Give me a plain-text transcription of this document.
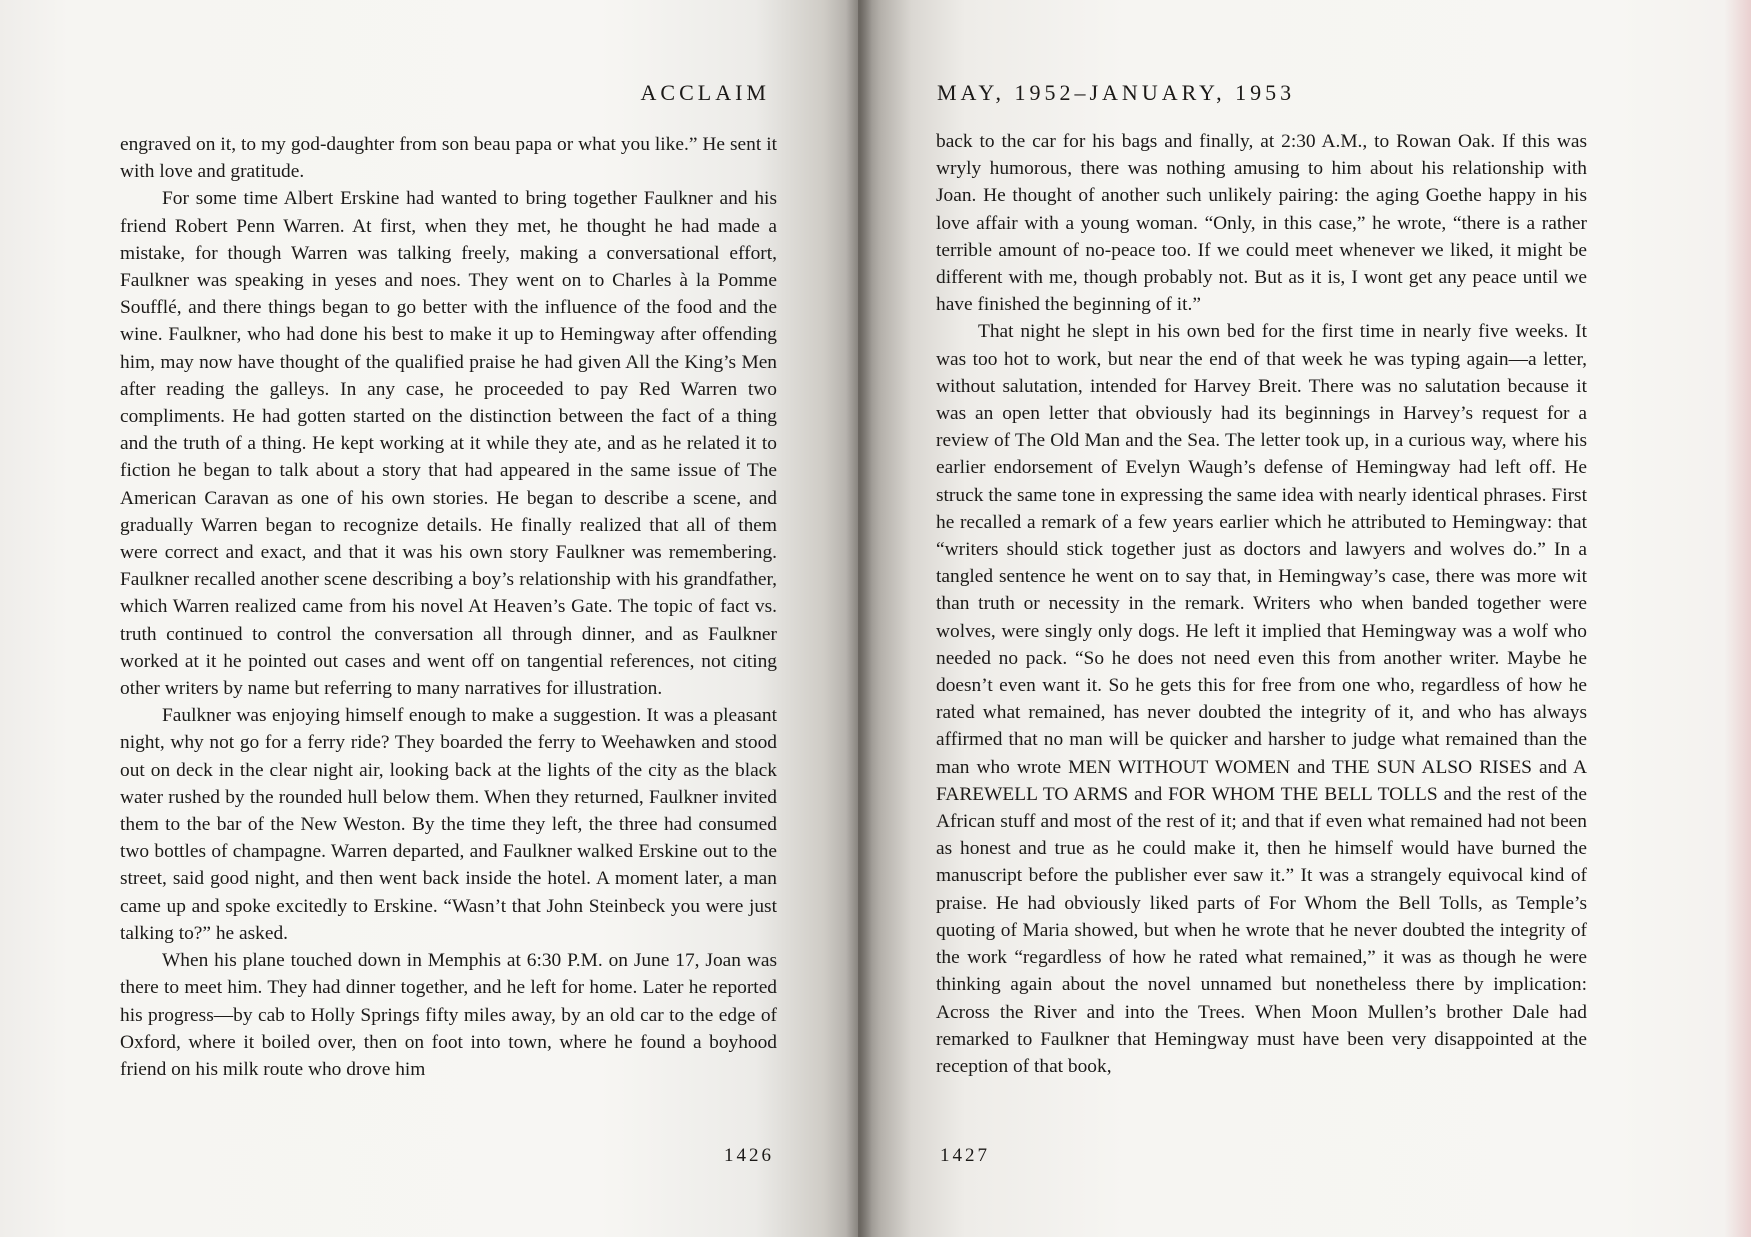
ACCLAIM

engraved on it, to my god-daughter from son beau papa or what you like.” He sent it with love and gratitude.

For some time Albert Erskine had wanted to bring together Faulkner and his friend Robert Penn Warren. At first, when they met, he thought he had made a mistake, for though Warren was talking freely, making a conversational effort, Faulkner was speaking in yeses and noes. They went on to Charles à la Pomme Soufflé, and there things began to go better with the influence of the food and the wine. Faulkner, who had done his best to make it up to Hemingway after offending him, may now have thought of the qualified praise he had given All the King’s Men after reading the galleys. In any case, he proceeded to pay Red Warren two compliments. He had gotten started on the distinction between the fact of a thing and the truth of a thing. He kept working at it while they ate, and as he related it to fiction he began to talk about a story that had appeared in the same issue of The American Caravan as one of his own stories. He began to describe a scene, and gradually Warren began to recognize details. He finally realized that all of them were correct and exact, and that it was his own story Faulkner was remembering. Faulkner recalled another scene describing a boy’s relationship with his grandfather, which Warren realized came from his novel At Heaven’s Gate. The topic of fact vs. truth continued to control the conversation all through dinner, and as Faulkner worked at it he pointed out cases and went off on tangential references, not citing other writers by name but referring to many narratives for illustration.

Faulkner was enjoying himself enough to make a suggestion. It was a pleasant night, why not go for a ferry ride? They boarded the ferry to Weehawken and stood out on deck in the clear night air, looking back at the lights of the city as the black water rushed by the rounded hull below them. When they returned, Faulkner invited them to the bar of the New Weston. By the time they left, the three had consumed two bottles of champagne. Warren departed, and Faulkner walked Erskine out to the street, said good night, and then went back inside the hotel. A moment later, a man came up and spoke excitedly to Erskine. “Wasn’t that John Steinbeck you were just talking to?” he asked.

When his plane touched down in Memphis at 6:30 P.M. on June 17, Joan was there to meet him. They had dinner together, and he left for home. Later he reported his progress—by cab to Holly Springs fifty miles away, by an old car to the edge of Oxford, where it boiled over, then on foot into town, where he found a boyhood friend on his milk route who drove him

1426
MAY, 1952–JANUARY, 1953

back to the car for his bags and finally, at 2:30 A.M., to Rowan Oak. If this was wryly humorous, there was nothing amusing to him about his relationship with Joan. He thought of another such unlikely pairing: the aging Goethe happy in his love affair with a young woman. “Only, in this case,” he wrote, “there is a rather terrible amount of no-peace too. If we could meet whenever we liked, it might be different with me, though probably not. But as it is, I wont get any peace until we have finished the beginning of it.”

That night he slept in his own bed for the first time in nearly five weeks. It was too hot to work, but near the end of that week he was typing again—a letter, without salutation, intended for Harvey Breit. There was no salutation because it was an open letter that obviously had its beginnings in Harvey’s request for a review of The Old Man and the Sea. The letter took up, in a curious way, where his earlier endorsement of Evelyn Waugh’s defense of Hemingway had left off. He struck the same tone in expressing the same idea with nearly identical phrases. First he recalled a remark of a few years earlier which he attributed to Hemingway: that “writers should stick together just as doctors and lawyers and wolves do.” In a tangled sentence he went on to say that, in Hemingway’s case, there was more wit than truth or necessity in the remark. Writers who when banded together were wolves, were singly only dogs. He left it implied that Hemingway was a wolf who needed no pack. “So he does not need even this from another writer. Maybe he doesn’t even want it. So he gets this for free from one who, regardless of how he rated what remained, has never doubted the integrity of it, and who has always affirmed that no man will be quicker and harsher to judge what remained than the man who wrote MEN WITHOUT WOMEN and THE SUN ALSO RISES and A FAREWELL TO ARMS and FOR WHOM THE BELL TOLLS and the rest of the African stuff and most of the rest of it; and that if even what remained had not been as honest and true as he could make it, then he himself would have burned the manuscript before the publisher ever saw it.” It was a strangely equivocal kind of praise. He had obviously liked parts of For Whom the Bell Tolls, as Temple’s quoting of Maria showed, but when he wrote that he never doubted the integrity of the work “regardless of how he rated what remained,” it was as though he were thinking again about the novel unnamed but nonetheless there by implication: Across the River and into the Trees. When Moon Mullen’s brother Dale had remarked to Faulkner that Hemingway must have been very disappointed at the reception of that book,

1427
